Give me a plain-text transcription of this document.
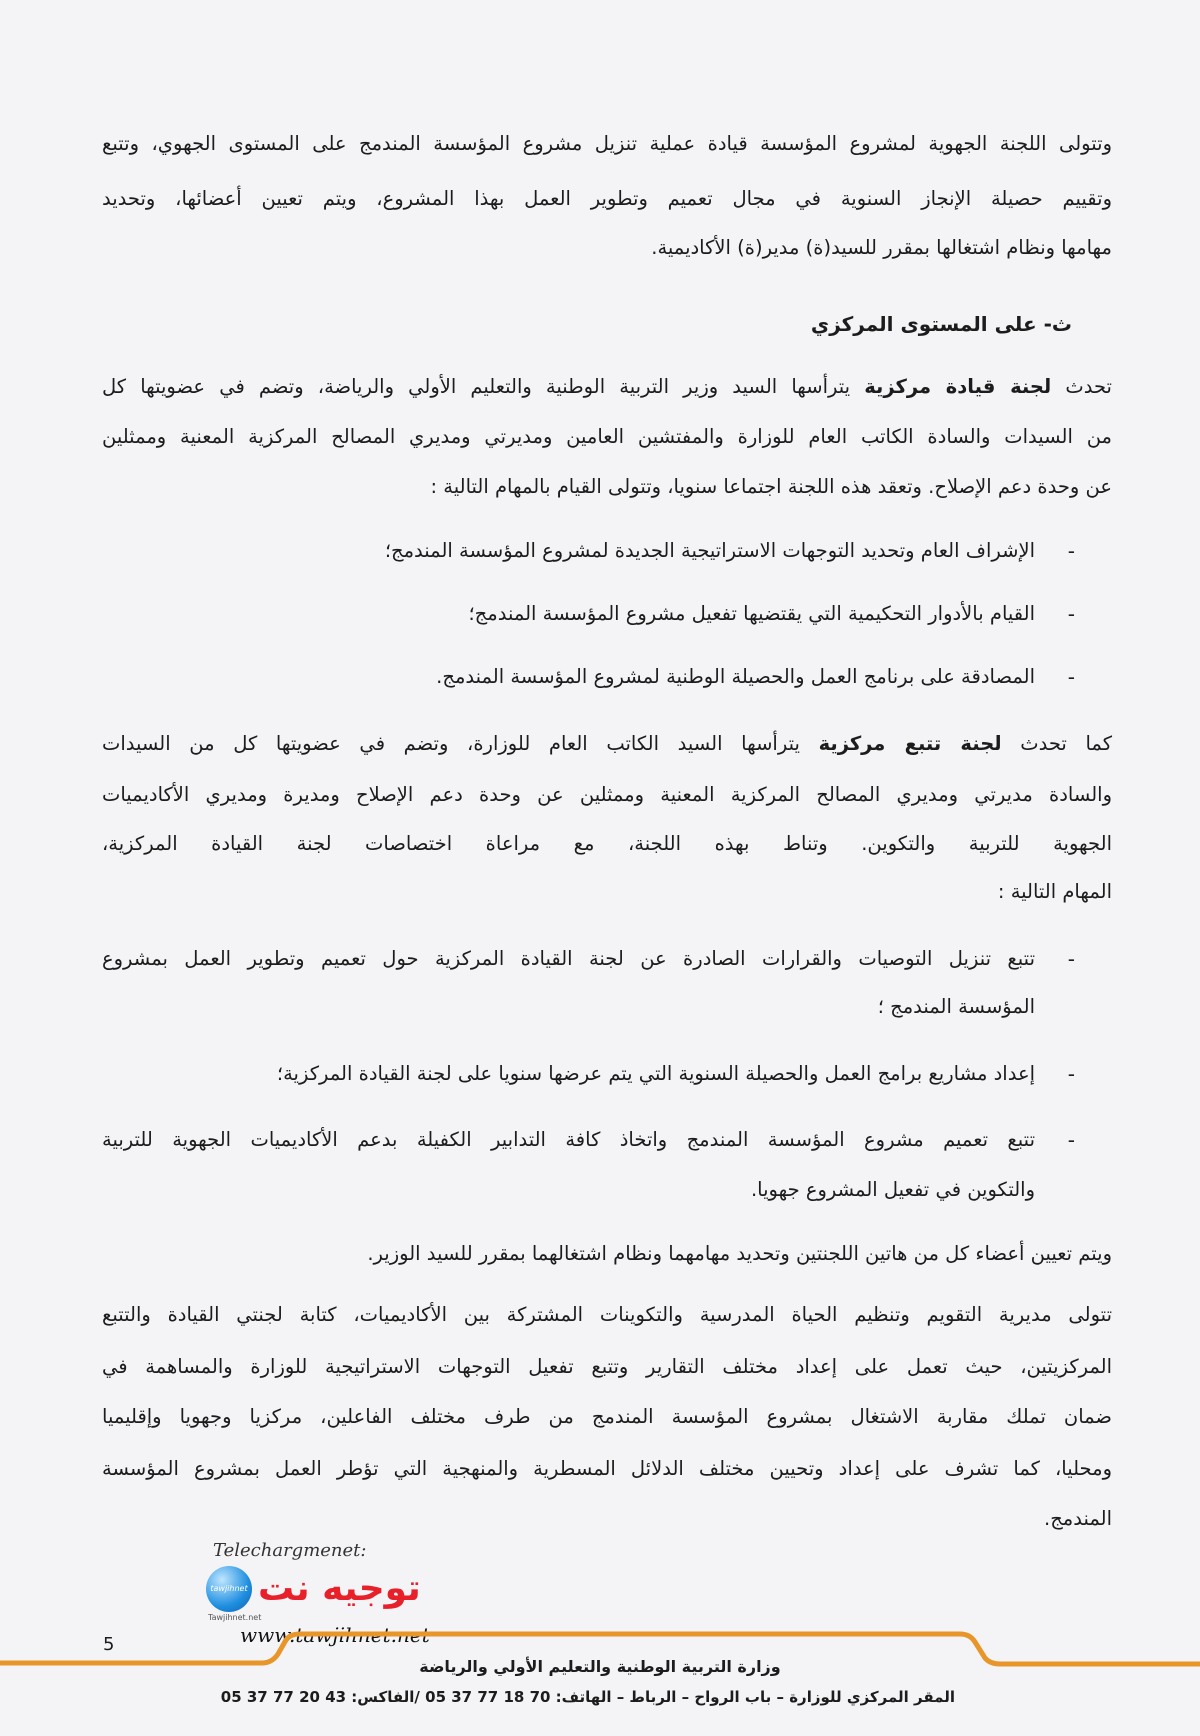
وتتولى اللجنة الجهوية لمشروع المؤسسة قيادة عملية تنزيل مشروع المؤسسة المندمج على المستوى الجهوي، وتتبع
وتقييم حصيلة الإنجاز السنوية في مجال تعميم وتطوير العمل بهذا المشروع، ويتم تعيين أعضائها، وتحديد
مهامها ونظام اشتغالها بمقرر للسيد(ة) مدير(ة) الأكاديمية.
ث- على المستوى المركزي
تحدث لجنة قيادة مركزية يترأسها السيد وزير التربية الوطنية والتعليم الأولي والرياضة، وتضم في عضويتها كل
من السيدات والسادة الكاتب العام للوزارة والمفتشين العامين ومديرتي ومديري المصالح المركزية المعنية وممثلين
عن وحدة دعم الإصلاح. وتعقد هذه اللجنة اجتماعا سنويا، وتتولى القيام بالمهام التالية :
-
الإشراف العام وتحديد التوجهات الاستراتيجية الجديدة لمشروع المؤسسة المندمج؛
-
القيام بالأدوار التحكيمية التي يقتضيها تفعيل مشروع المؤسسة المندمج؛
-
المصادقة على برنامج العمل والحصيلة الوطنية لمشروع المؤسسة المندمج.
كما تحدث لجنة تتبع مركزية يترأسها السيد الكاتب العام للوزارة، وتضم في عضويتها كل من السيدات
والسادة مديرتي ومديري المصالح المركزية المعنية وممثلين عن وحدة دعم الإصلاح ومديرة ومديري الأكاديميات
الجهوية للتربية والتكوين. وتناط بهذه اللجنة، مع مراعاة اختصاصات لجنة القيادة المركزية،
المهام التالية :
-
تتبع تنزيل التوصيات والقرارات الصادرة عن لجنة القيادة المركزية حول تعميم وتطوير العمل بمشروع
المؤسسة المندمج ؛
-
إعداد مشاريع برامج العمل والحصيلة السنوية التي يتم عرضها سنويا على لجنة القيادة المركزية؛
-
تتبع تعميم مشروع المؤسسة المندمج واتخاذ كافة التدابير الكفيلة بدعم الأكاديميات الجهوية للتربية
والتكوين في تفعيل المشروع جهويا.
ويتم تعيين أعضاء كل من هاتين اللجنتين وتحديد مهامهما ونظام اشتغالهما بمقرر للسيد الوزير.
تتولى مديرية التقويم وتنظيم الحياة المدرسية والتكوينات المشتركة بين الأكاديميات، كتابة لجنتي القيادة والتتبع
المركزيتين، حيث تعمل على إعداد مختلف التقارير وتتبع تفعيل التوجهات الاستراتيجية للوزارة والمساهمة في
ضمان تملك مقاربة الاشتغال بمشروع المؤسسة المندمج من طرف مختلف الفاعلين، مركزيا وجهويا وإقليميا
ومحليا، كما تشرف على إعداد وتحيين مختلف الدلائل المسطرية والمنهجية التي تؤطر العمل بمشروع المؤسسة
المندمج.
Telechargmenet:
tawjihnet توجيه نت
Tawjihnet.net
www.tawjihnet.net
5
وزارة التربية الوطنية والتعليم الأولي والرياضة
المقر المركزي للوزارة – باب الرواح – الرباط – الهاتف: 70 18 77 37 05 /الفاكس: 43 20 77 37 05
